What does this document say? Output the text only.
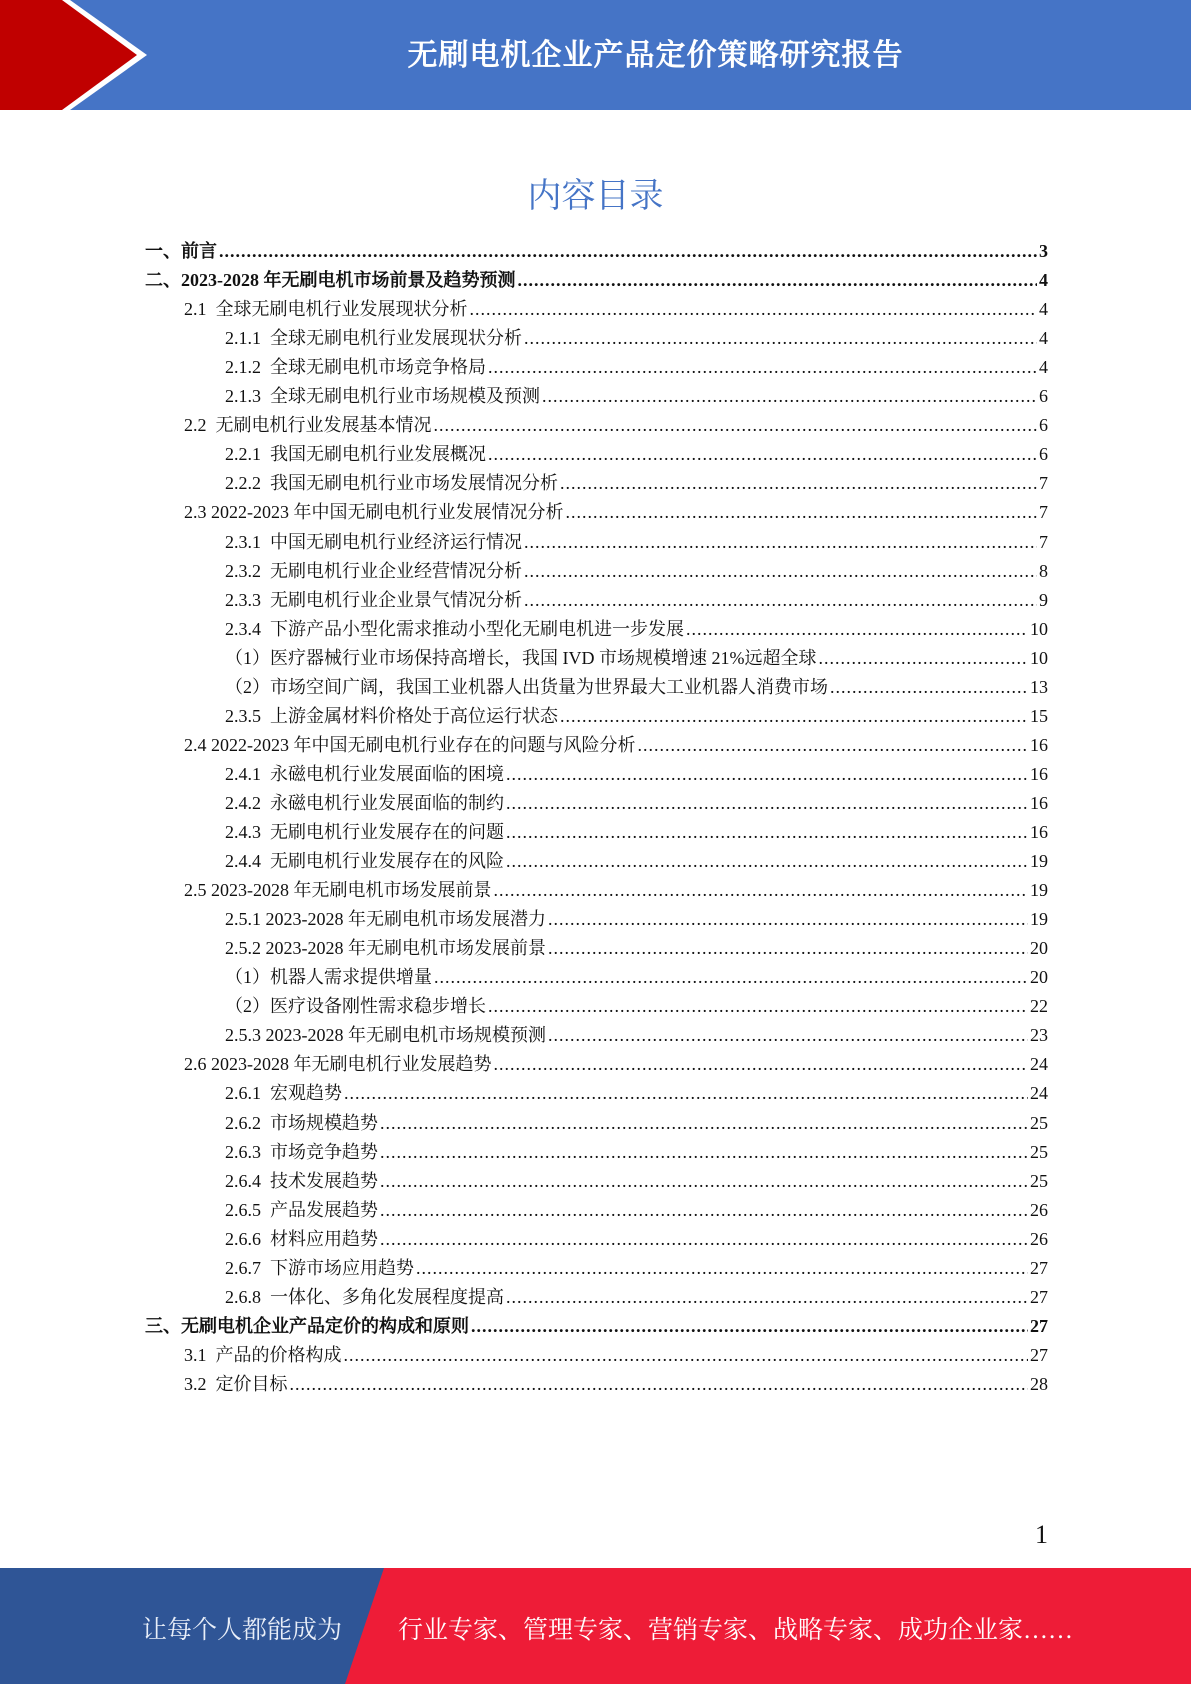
无刷电机企业产品定价策略研究报告
内容目录
一、前言 .....	3
二、2023-2028 年无刷电机市场前景及趋势预测 .....	4
2.1  全球无刷电机行业发展现状分析 .....	4
2.1.1  全球无刷电机行业发展现状分析 .....	4
2.1.2  全球无刷电机市场竞争格局 .....	4
2.1.3  全球无刷电机行业市场规模及预测 .....	6
2.2  无刷电机行业发展基本情况 .....	6
2.2.1  我国无刷电机行业发展概况 .....	6
2.2.2  我国无刷电机行业市场发展情况分析 .....	7
2.3 2022-2023 年中国无刷电机行业发展情况分析 .....	7
2.3.1  中国无刷电机行业经济运行情况 .....	7
2.3.2  无刷电机行业企业经营情况分析 .....	8
2.3.3  无刷电机行业企业景气情况分析 .....	9
2.3.4  下游产品小型化需求推动小型化无刷电机进一步发展 .....	10
（1）医疗器械行业市场保持高增长，我国 IVD 市场规模增速 21%远超全球 .....	10
（2）市场空间广阔，我国工业机器人出货量为世界最大工业机器人消费市场 .....	13
2.3.5  上游金属材料价格处于高位运行状态 .....	15
2.4 2022-2023 年中国无刷电机行业存在的问题与风险分析 .....	16
2.4.1  永磁电机行业发展面临的困境 .....	16
2.4.2  永磁电机行业发展面临的制约 .....	16
2.4.3  无刷电机行业发展存在的问题 .....	16
2.4.4  无刷电机行业发展存在的风险 .....	19
2.5 2023-2028 年无刷电机市场发展前景 .....	19
2.5.1 2023-2028 年无刷电机市场发展潜力 .....	19
2.5.2 2023-2028 年无刷电机市场发展前景 .....	20
（1）机器人需求提供增量 .....	20
（2）医疗设备刚性需求稳步增长 .....	22
2.5.3 2023-2028 年无刷电机市场规模预测 .....	23
2.6 2023-2028 年无刷电机行业发展趋势 .....	24
2.6.1  宏观趋势 .....	24
2.6.2  市场规模趋势 .....	25
2.6.3  市场竞争趋势 .....	25
2.6.4  技术发展趋势 .....	25
2.6.5  产品发展趋势 .....	26
2.6.6  材料应用趋势 .....	26
2.6.7  下游市场应用趋势 .....	27
2.6.8  一体化、多角化发展程度提高 .....	27
三、无刷电机企业产品定价的构成和原则 .....	27
3.1  产品的价格构成 .....	27
3.2  定价目标 .....	28
1
让每个人都能成为 行业专家、管理专家、营销专家、战略专家、成功企业家……
